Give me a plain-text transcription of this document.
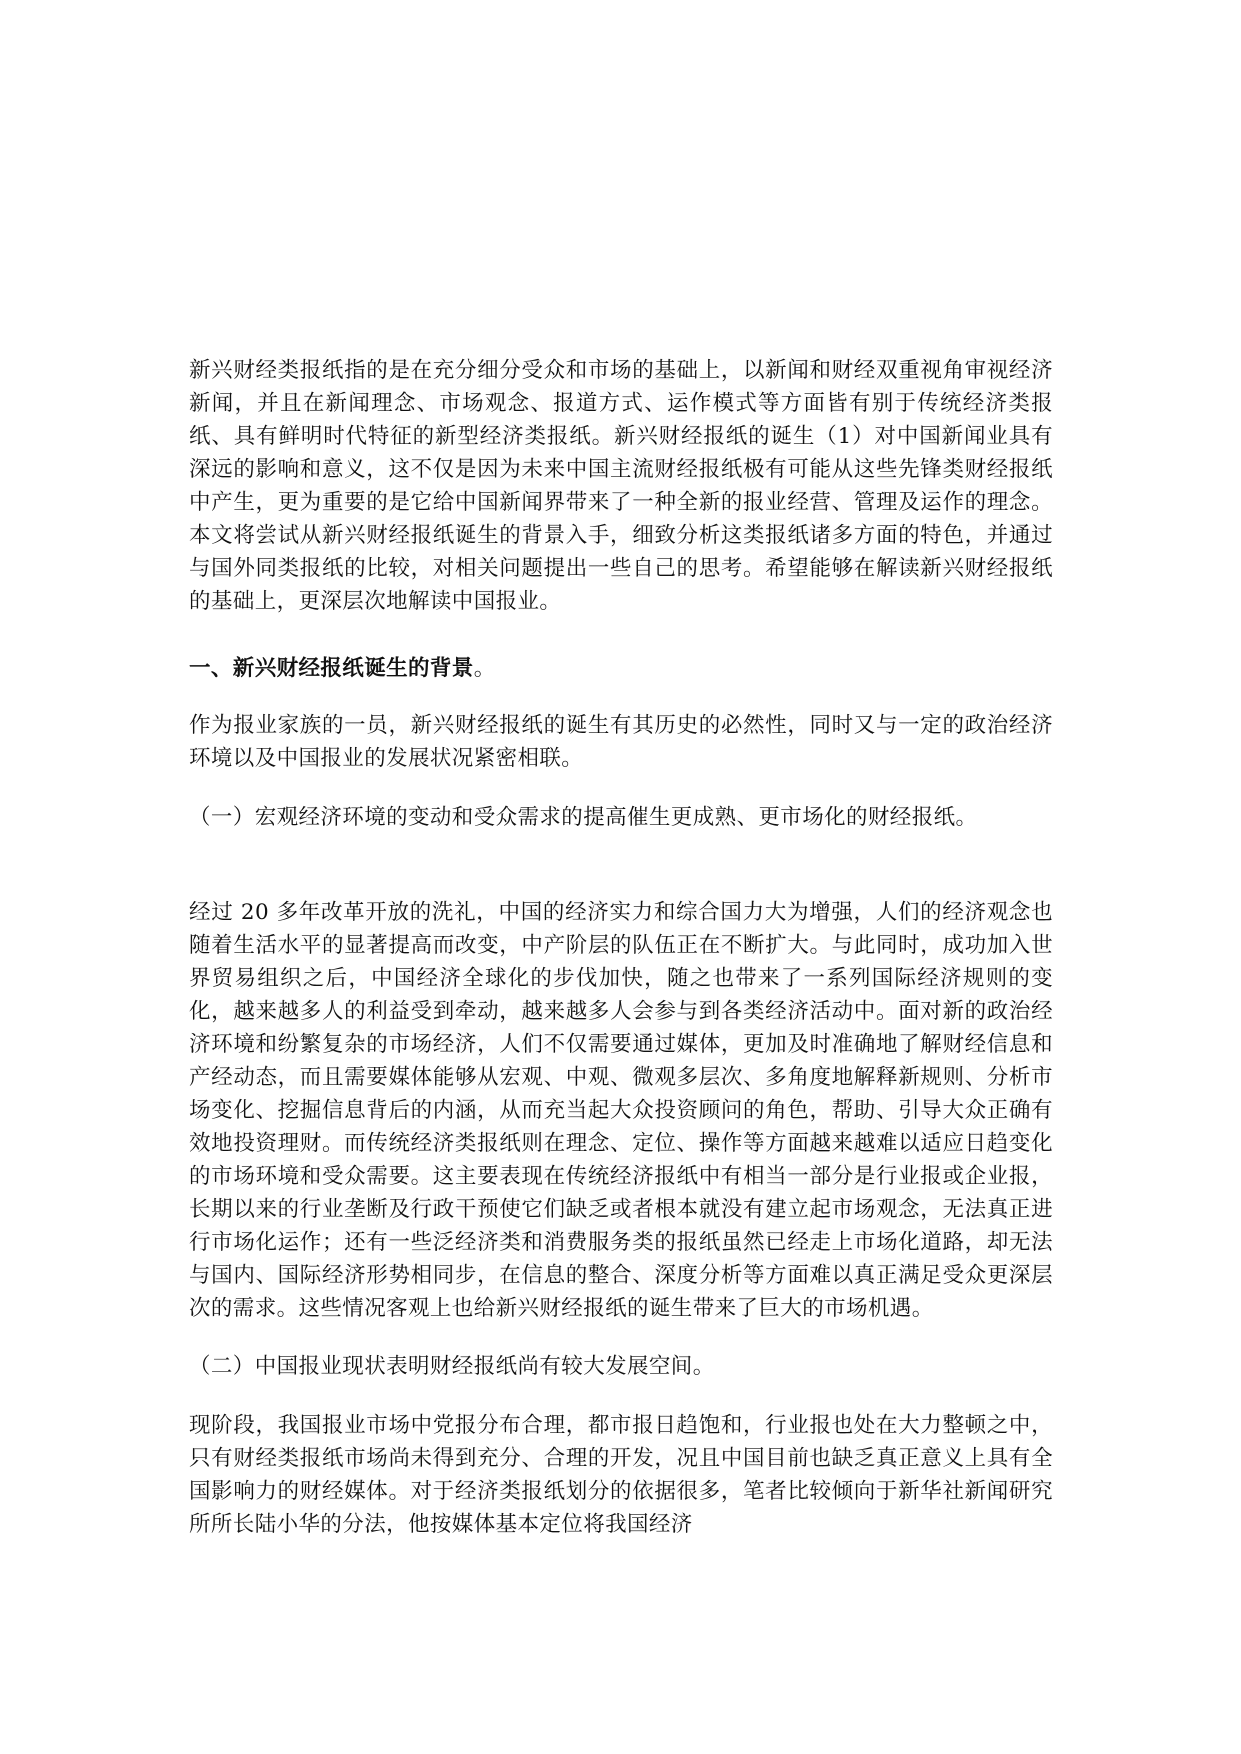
新兴财经类报纸指的是在充分细分受众和市场的基础上，以新闻和财经双重视角审视经济新闻，并且在新闻理念、市场观念、报道方式、运作模式等方面皆有别于传统经济类报纸、具有鲜明时代特征的新型经济类报纸。新兴财经报纸的诞生（1）对中国新闻业具有深远的影响和意义，这不仅是因为未来中国主流财经报纸极有可能从这些先锋类财经报纸中产生，更为重要的是它给中国新闻界带来了一种全新的报业经营、管理及运作的理念。本文将尝试从新兴财经报纸诞生的背景入手，细致分析这类报纸诸多方面的特色，并通过与国外同类报纸的比较，对相关问题提出一些自己的思考。希望能够在解读新兴财经报纸的基础上，更深层次地解读中国报业。

一、新兴财经报纸诞生的背景。

作为报业家族的一员，新兴财经报纸的诞生有其历史的必然性，同时又与一定的政治经济环境以及中国报业的发展状况紧密相联。

（一）宏观经济环境的变动和受众需求的提高催生更成熟、更市场化的财经报纸。

经过 20 多年改革开放的洗礼，中国的经济实力和综合国力大为增强，人们的经济观念也随着生活水平的显著提高而改变，中产阶层的队伍正在不断扩大。与此同时，成功加入世界贸易组织之后，中国经济全球化的步伐加快，随之也带来了一系列国际经济规则的变化，越来越多人的利益受到牵动，越来越多人会参与到各类经济活动中。面对新的政治经济环境和纷繁复杂的市场经济，人们不仅需要通过媒体，更加及时准确地了解财经信息和产经动态，而且需要媒体能够从宏观、中观、微观多层次、多角度地解释新规则、分析市场变化、挖掘信息背后的内涵，从而充当起大众投资顾问的角色，帮助、引导大众正确有效地投资理财。而传统经济类报纸则在理念、定位、操作等方面越来越难以适应日趋变化的市场环境和受众需要。这主要表现在传统经济报纸中有相当一部分是行业报或企业报，长期以来的行业垄断及行政干预使它们缺乏或者根本就没有建立起市场观念，无法真正进行市场化运作；还有一些泛经济类和消费服务类的报纸虽然已经走上市场化道路，却无法与国内、国际经济形势相同步，在信息的整合、深度分析等方面难以真正满足受众更深层次的需求。这些情况客观上也给新兴财经报纸的诞生带来了巨大的市场机遇。

（二）中国报业现状表明财经报纸尚有较大发展空间。

现阶段，我国报业市场中党报分布合理，都市报日趋饱和，行业报也处在大力整顿之中，只有财经类报纸市场尚未得到充分、合理的开发，况且中国目前也缺乏真正意义上具有全国影响力的财经媒体。对于经济类报纸划分的依据很多，笔者比较倾向于新华社新闻研究所所长陆小华的分法，他按媒体基本定位将我国经济
